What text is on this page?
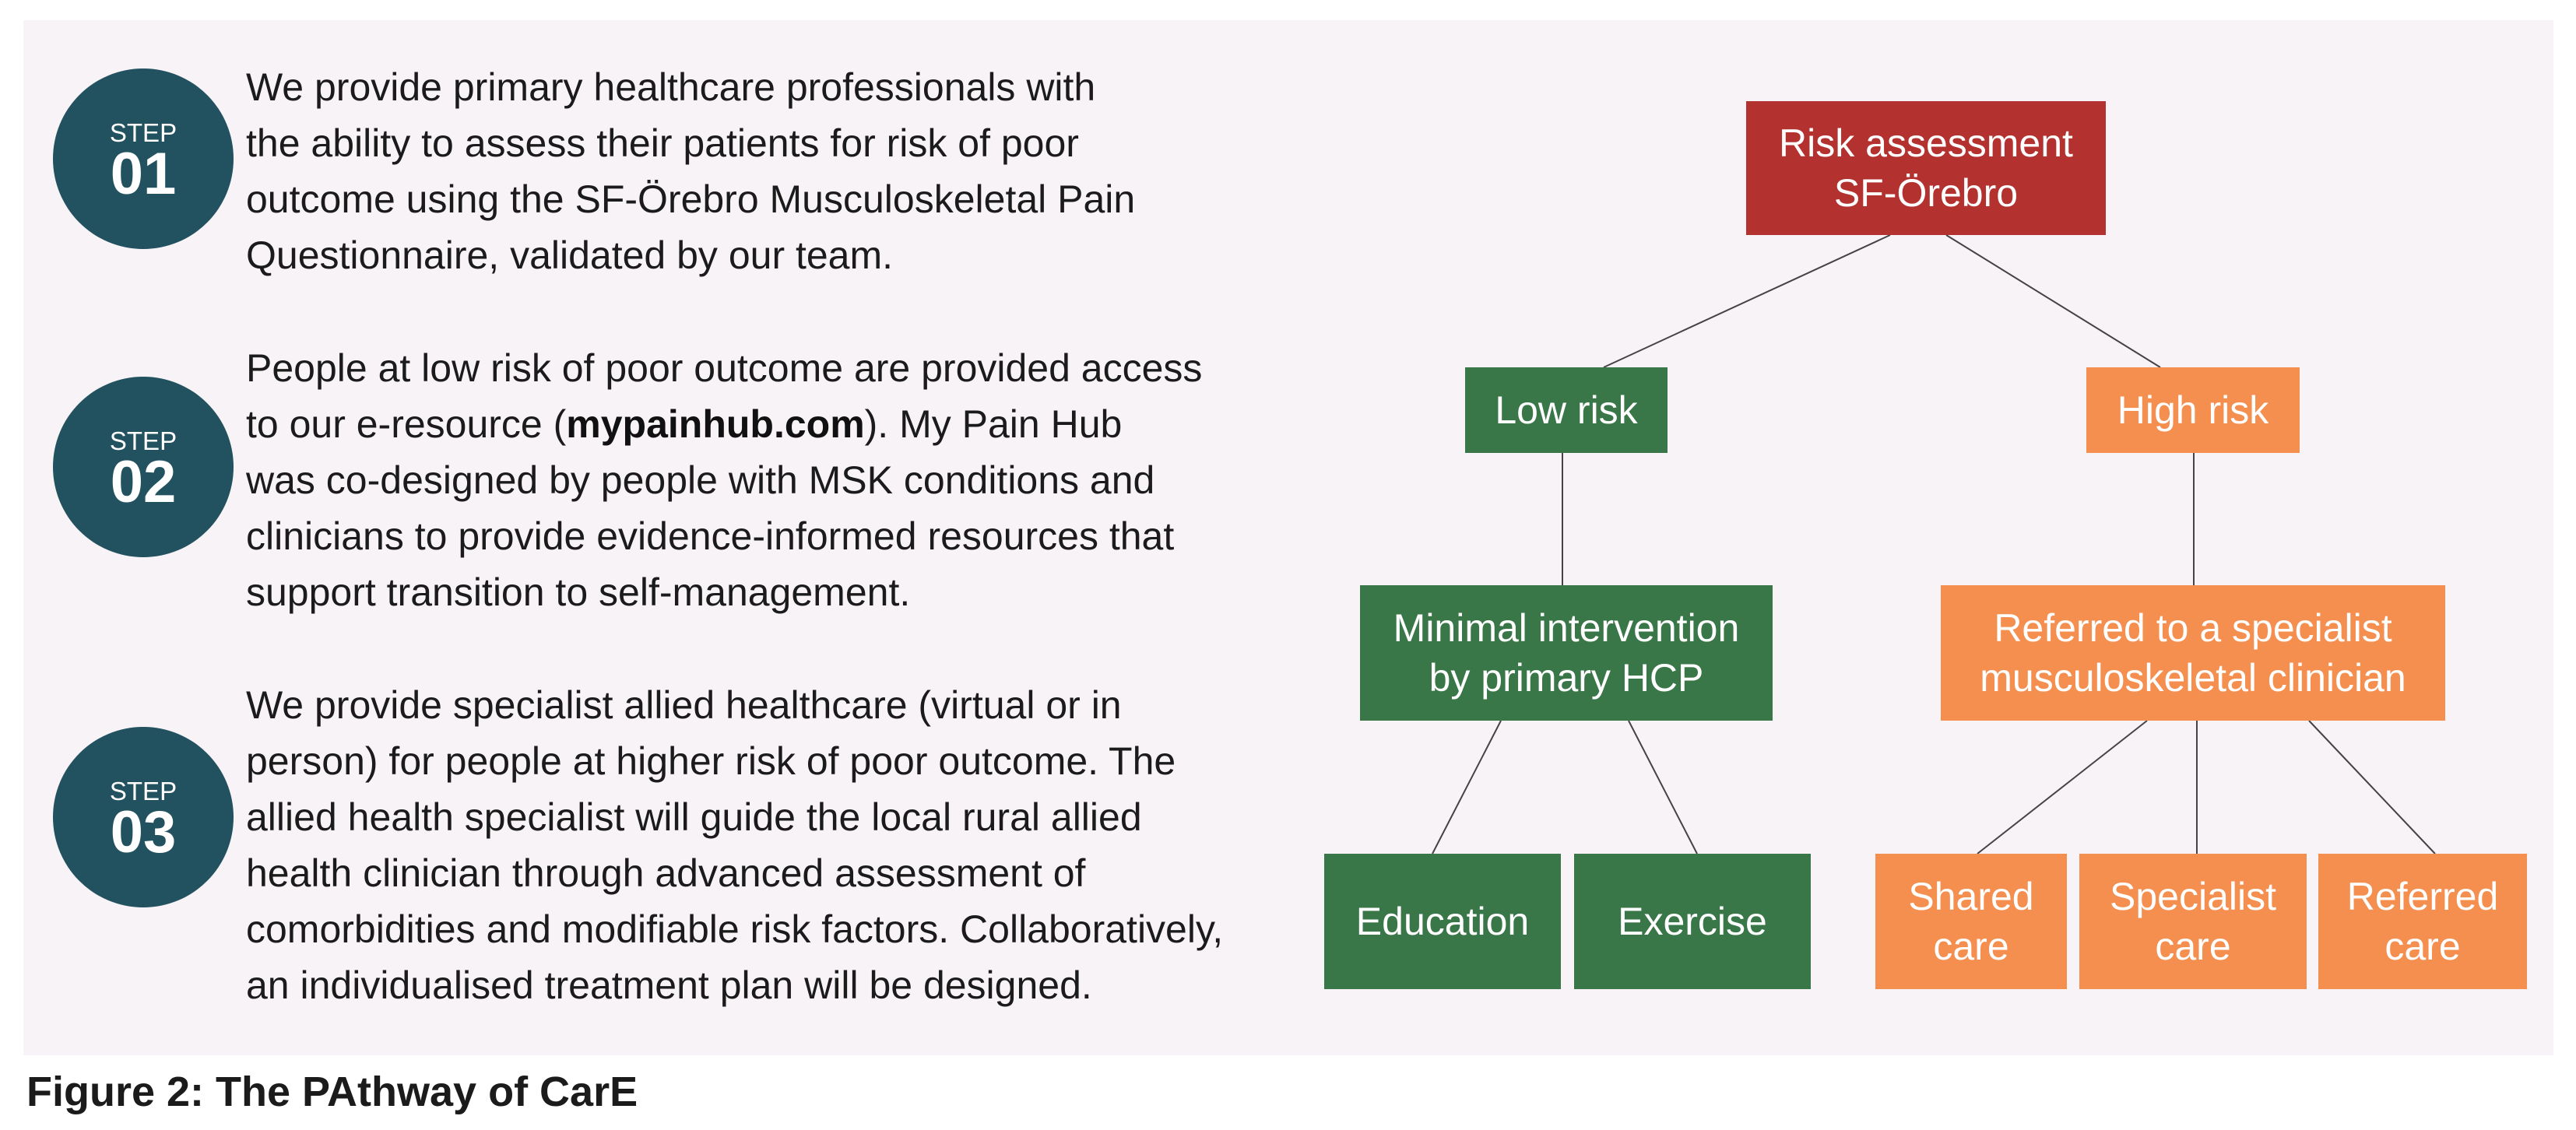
STEP
01
We provide primary healthcare professionals with
the ability to assess their patients for risk of poor
outcome using the SF-Örebro Musculoskeletal Pain
Questionnaire, validated by our team.
STEP
02
People at low risk of poor outcome are provided access
to our e-resource (mypainhub.com). My Pain Hub
was co-designed by people with MSK conditions and
clinicians to provide evidence-informed resources that
support transition to self-management.
STEP
03
We provide specialist allied healthcare (virtual or in
person) for people at higher risk of poor outcome. The
allied health specialist will guide the local rural allied
health clinician through advanced assessment of
comorbidities and modifiable risk factors. Collaboratively,
an individualised treatment plan will be designed.
Risk assessment
SF-Örebro
Low risk	High risk
Minimal intervention
by primary HCP
Referred to a specialist
musculoskeletal clinician
Education Exercise
Shared
care
Specialist
care
Referred
care
Figure 2: The PAthway of CarE
